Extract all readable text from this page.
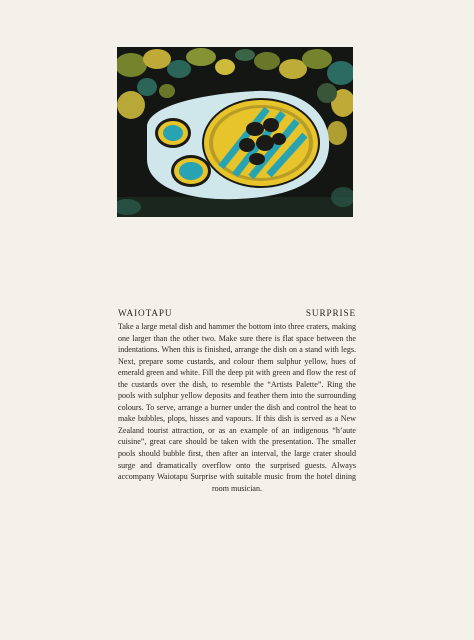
WAIOTAPU	SURPRISE

Take a large metal dish and hammer the bottom into three craters, making one larger than the other two. Make sure there is flat space between the indentations. When this is finished, arrange the dish on a stand with legs. Next, prepare some custards, and colour them sulphur yellow, hues of emerald green and white. Fill the deep pit with green and flow the rest of the custards over the dish, to resemble the “Artists Palette”. Ring the pools with sulphur yellow deposits and feather them into the surrounding colours. To serve, arrange a burner under the dish and control the heat to make bubbles, plops, hisses and vapours. If this dish is served as a New Zealand tourist attraction, or as an example of an indigenous “h’aute cuisine”, great care should be taken with the presentation. The smaller pools should bubble first, then after an interval, the large crater should surge and dramatically overflow onto the surprised guests. Always accompany Waiotapu Surprise with suitable music from the hotel dining room musician.
